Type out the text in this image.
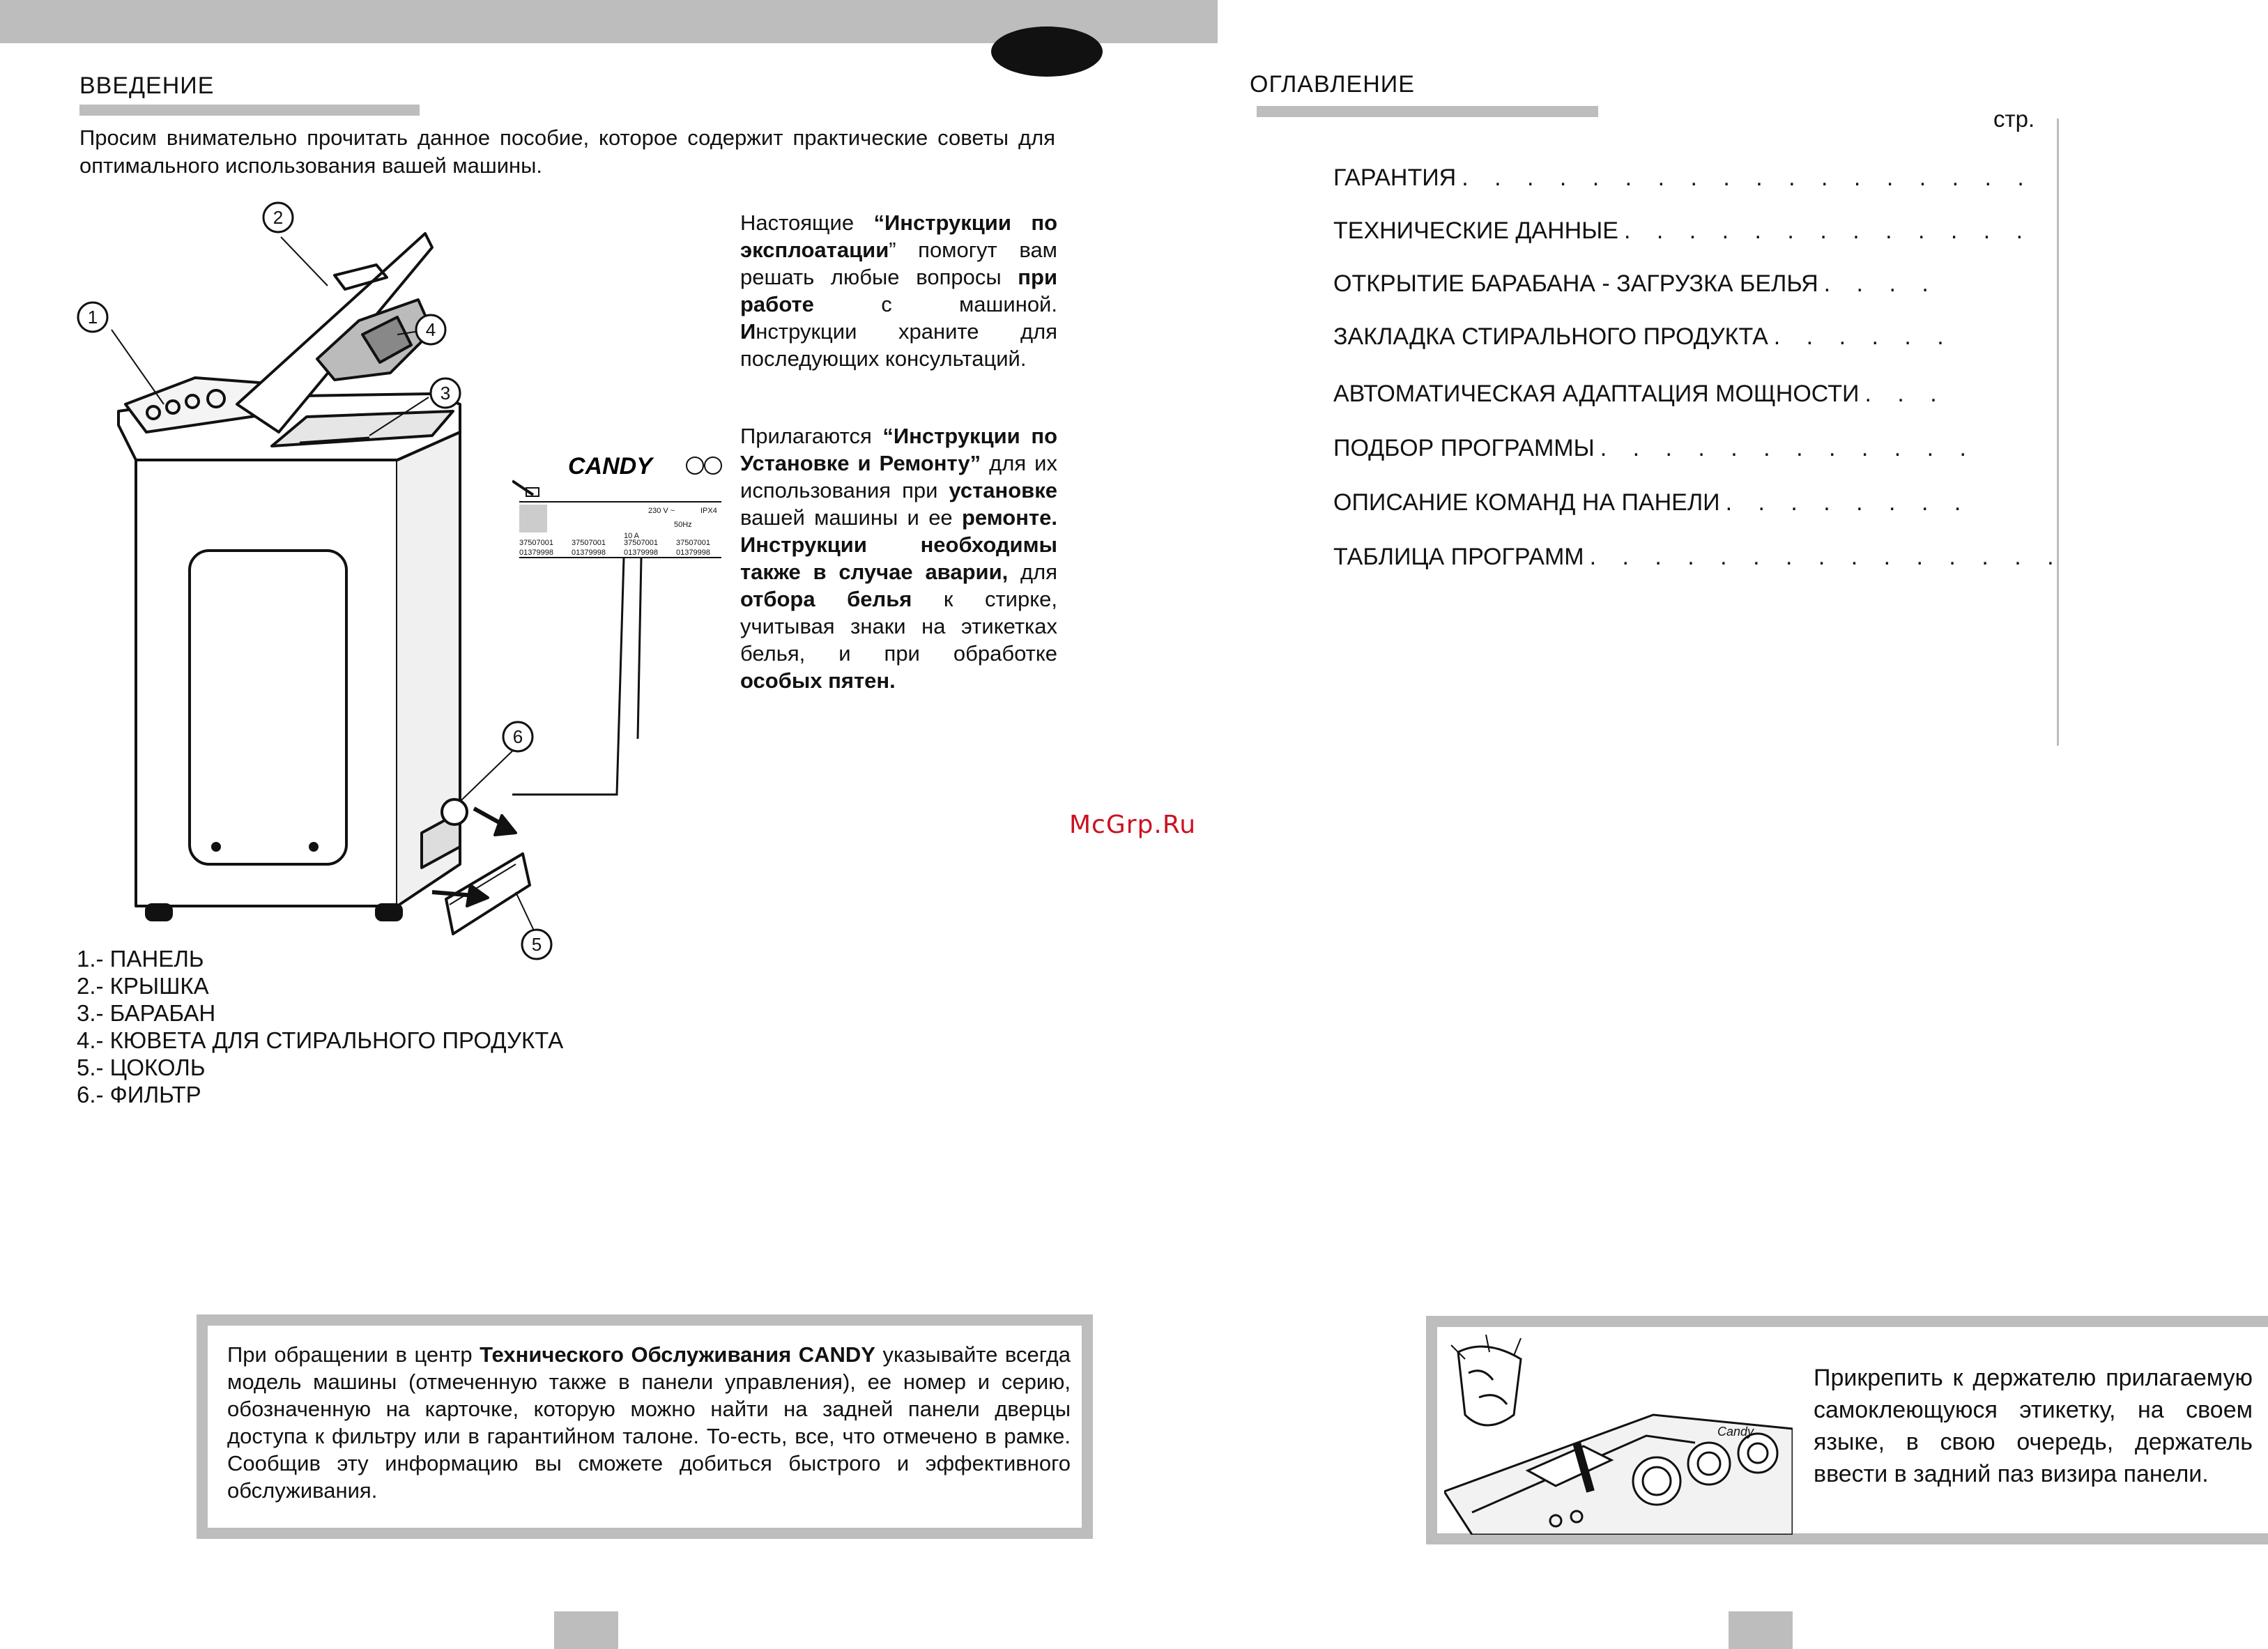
ВВЕДЕНИЕ
Просим внимательно прочитать данное пособие, которое содержит практические советы для оптимального использования вашей машины.
1
2
3
4
5
6
CANDY
230 V ~
50Hz
10 A
IPX4
37507001 37507001 37507001 37507001
01379998 01379998 01379998 01379998
Настоящие “Инструкции по эксплоатации” помогут вам решать любые вопросы при работе с машиной. Инструкции храните для последующих консультаций.
Прилагаются “Инструкции по Установке и Ремонту” для их использования при установке вашей машины и ее ремонте. Инструкции необходимы также в случае аварии, для отбора белья к стирке, учитывая знаки на этикетках белья, и при обработке особых пятен.
1.- ПАНЕЛЬ
2.- КРЫШКА
3.- БАРАБАН
4.- КЮВЕТА ДЛЯ СТИРАЛЬНОГО ПРОДУКТА
5.- ЦОКОЛЬ
6.- ФИЛЬТР
При обращении в центр Технического Обслуживания CANDY указывайте всегда модель машины (отмеченную также в панели управления), ее номер и серию, обозначенную на карточке, которую можно найти на задней панели дверцы доступа к фильтру или в гарантийном талоне. То-есть, все, что отмечено в рамке. Сообщив эту информацию вы сможете добиться быстрого и эффективного обслуживания.
McGrp.Ru
ОГЛАВЛЕНИЕ
стр.
ГАРАНТИЯ . . . . . . . . . . . . . . . . . .
ТЕХНИЧЕСКИЕ ДАННЫЕ . . . . . . . . . . . . .
ОТКРЫТИЕ БАРАБАНА - ЗАГРУЗКА БЕЛЬЯ . . . .
ЗАКЛАДКА СТИРАЛЬНОГО ПРОДУКТА . . . . . .
АВТОМАТИЧЕСКАЯ АДАПТАЦИЯ МОЩНОСТИ . . .
ПОДБОР ПРОГРАММЫ . . . . . . . . . . . .
ОПИСАНИЕ КОМАНД НА ПАНЕЛИ . . . . . . . .
ТАБЛИЦА ПРОГРАММ . . . . . . . . . . . . . . .
Candy
Прикрепить к держателю прилагаемую самоклеющуюся этикетку, на своем языке, в свою очередь, держатель ввести в задний паз визира панели.
